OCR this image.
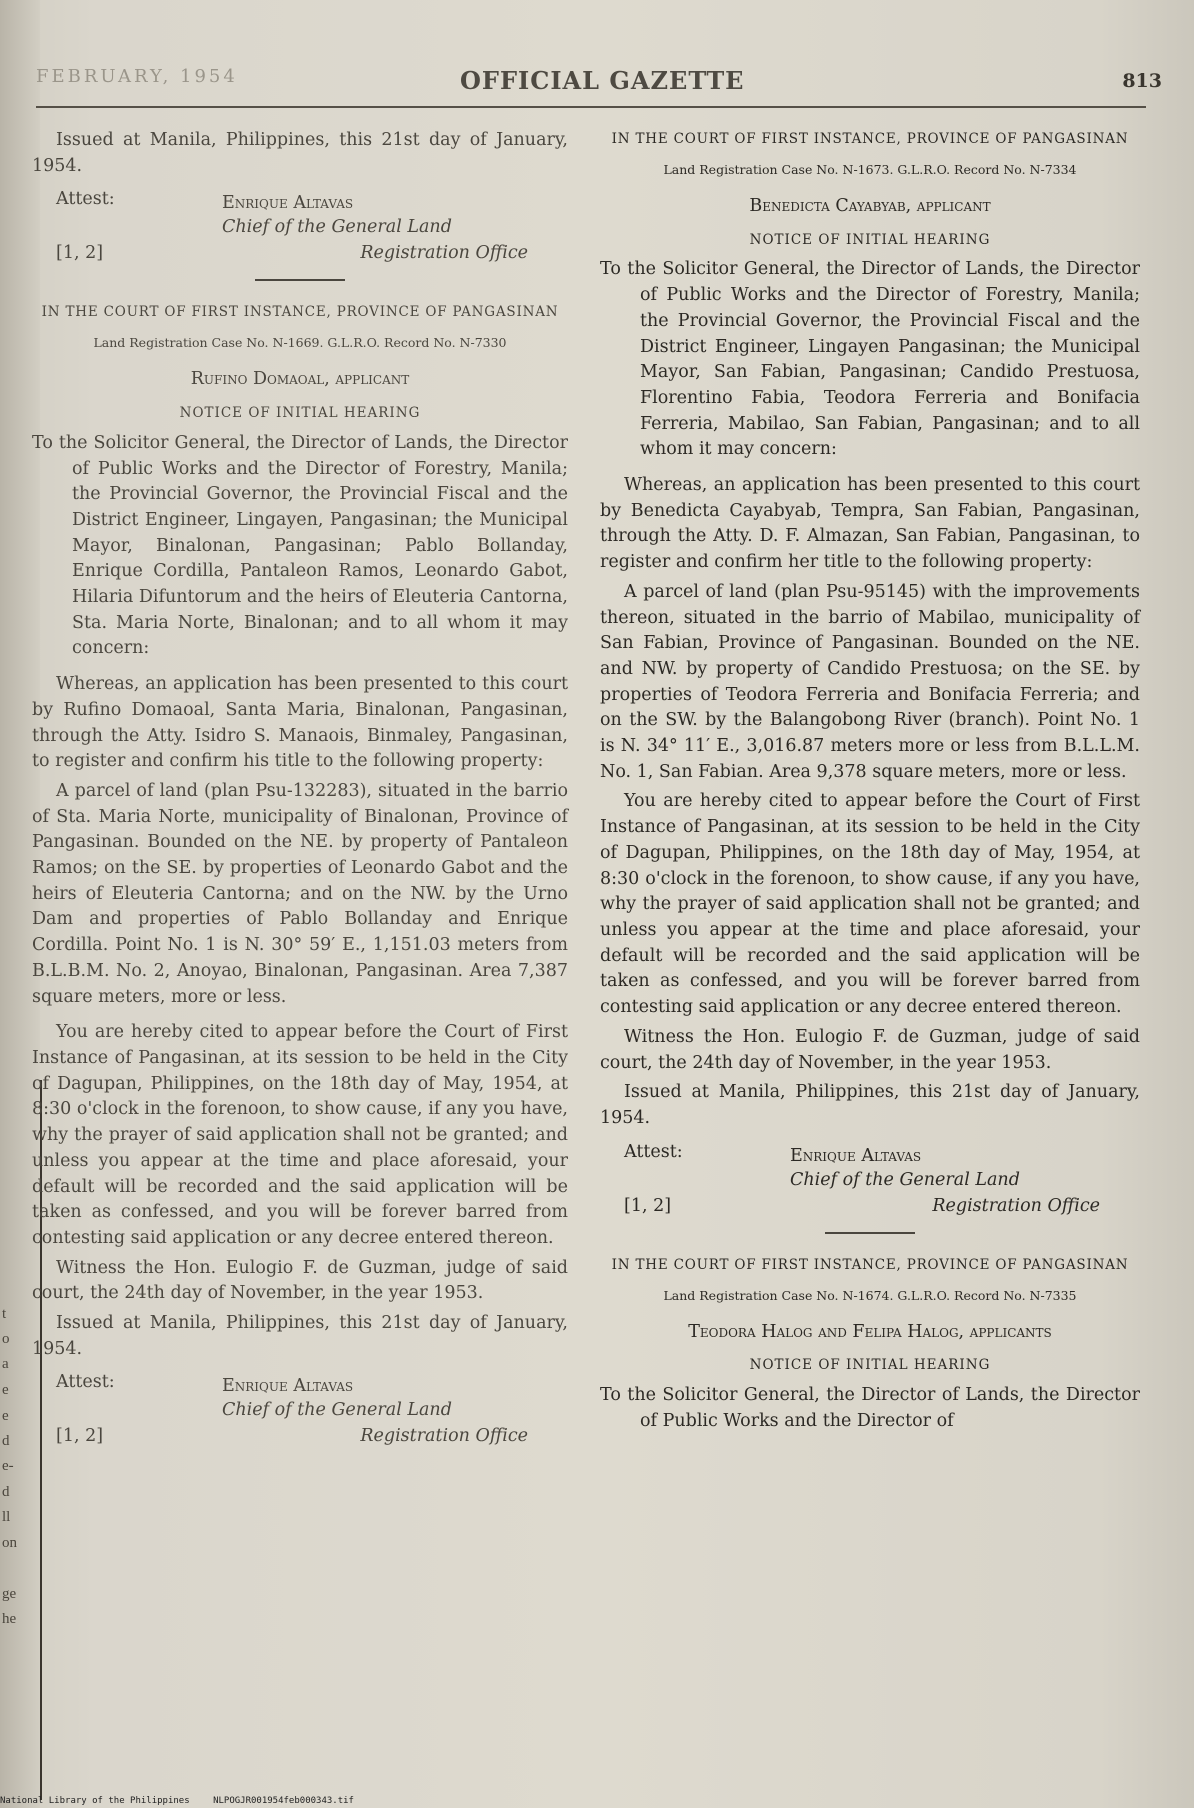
t
o
a
e
e
d
e-
d
ll
on
ge
he
FEBRUARY, 1954	OFFICIAL GAZETTE	813

Issued at Manila, Philippines, this 21st day of January, 1954.

Attest:	Enrique Altavas
Chief of the General Land
[1, 2]	Registration Office
IN THE COURT OF FIRST INSTANCE, PROVINCE OF PANGASINAN
Land Registration Case No. N-1669. G.L.R.O. Record No. N-7330
Rufino Domaoal, applicant
NOTICE OF INITIAL HEARING

To the Solicitor General, the Director of Lands, the Director of Public Works and the Director of Forestry, Manila; the Provincial Governor, the Provincial Fiscal and the District Engineer, Lingayen, Pangasinan; the Municipal Mayor, Binalonan, Pangasinan; Pablo Bollanday, Enrique Cordilla, Pantaleon Ramos, Leonardo Gabot, Hilaria Difuntorum and the heirs of Eleuteria Cantorna, Sta. Maria Norte, Binalonan; and to all whom it may concern:

Whereas, an application has been presented to this court by Rufino Domaoal, Santa Maria, Binalonan, Pangasinan, through the Atty. Isidro S. Manaois, Binmaley, Pangasinan, to register and confirm his title to the following property:

A parcel of land (plan Psu-132283), situated in the barrio of Sta. Maria Norte, municipality of Binalonan, Province of Pangasinan. Bounded on the NE. by property of Pantaleon Ramos; on the SE. by properties of Leonardo Gabot and the heirs of Eleuteria Cantorna; and on the NW. by the Urno Dam and properties of Pablo Bollanday and Enrique Cordilla. Point No. 1 is N. 30° 59′ E., 1,151.03 meters from B.L.B.M. No. 2, Anoyao, Binalonan, Pangasinan. Area 7,387 square meters, more or less.

You are hereby cited to appear before the Court of First Instance of Pangasinan, at its session to be held in the City of Dagupan, Philippines, on the 18th day of May, 1954, at 8:30 o'clock in the forenoon, to show cause, if any you have, why the prayer of said application shall not be granted; and unless you appear at the time and place aforesaid, your default will be recorded and the said application will be taken as confessed, and you will be forever barred from contesting said application or any decree entered thereon.

Witness the Hon. Eulogio F. de Guzman, judge of said court, the 24th day of November, in the year 1953.

Issued at Manila, Philippines, this 21st day of January, 1954.

Attest:	Enrique Altavas
Chief of the General Land
[1, 2]	Registration Office
IN THE COURT OF FIRST INSTANCE, PROVINCE OF PANGASINAN
Land Registration Case No. N-1673. G.L.R.O. Record No. N-7334
Benedicta Cayabyab, applicant
NOTICE OF INITIAL HEARING

To the Solicitor General, the Director of Lands, the Director of Public Works and the Director of Forestry, Manila; the Provincial Governor, the Provincial Fiscal and the District Engineer, Lingayen Pangasinan; the Municipal Mayor, San Fabian, Pangasinan; Candido Prestuosa, Florentino Fabia, Teodora Ferreria and Bonifacia Ferreria, Mabilao, San Fabian, Pangasinan; and to all whom it may concern:

Whereas, an application has been presented to this court by Benedicta Cayabyab, Tempra, San Fabian, Pangasinan, through the Atty. D. F. Almazan, San Fabian, Pangasinan, to register and confirm her title to the following property:

A parcel of land (plan Psu-95145) with the improvements thereon, situated in the barrio of Mabilao, municipality of San Fabian, Province of Pangasinan. Bounded on the NE. and NW. by property of Candido Prestuosa; on the SE. by properties of Teodora Ferreria and Bonifacia Ferreria; and on the SW. by the Balangobong River (branch). Point No. 1 is N. 34° 11′ E., 3,016.87 meters more or less from B.L.L.M. No. 1, San Fabian. Area 9,378 square meters, more or less.

You are hereby cited to appear before the Court of First Instance of Pangasinan, at its session to be held in the City of Dagupan, Philippines, on the 18th day of May, 1954, at 8:30 o'clock in the forenoon, to show cause, if any you have, why the prayer of said application shall not be granted; and unless you appear at the time and place aforesaid, your default will be recorded and the said application will be taken as confessed, and you will be forever barred from contesting said application or any decree entered thereon.

Witness the Hon. Eulogio F. de Guzman, judge of said court, the 24th day of November, in the year 1953.

Issued at Manila, Philippines, this 21st day of January, 1954.

Attest:	Enrique Altavas
Chief of the General Land
[1, 2]	Registration Office
IN THE COURT OF FIRST INSTANCE, PROVINCE OF PANGASINAN
Land Registration Case No. N-1674. G.L.R.O. Record No. N-7335
Teodora Halog and Felipa Halog, applicants
NOTICE OF INITIAL HEARING

To the Solicitor General, the Director of Lands, the Director of Public Works and the Director of

National Library of the Philippines	NLPOGJR001954feb000343.tif
